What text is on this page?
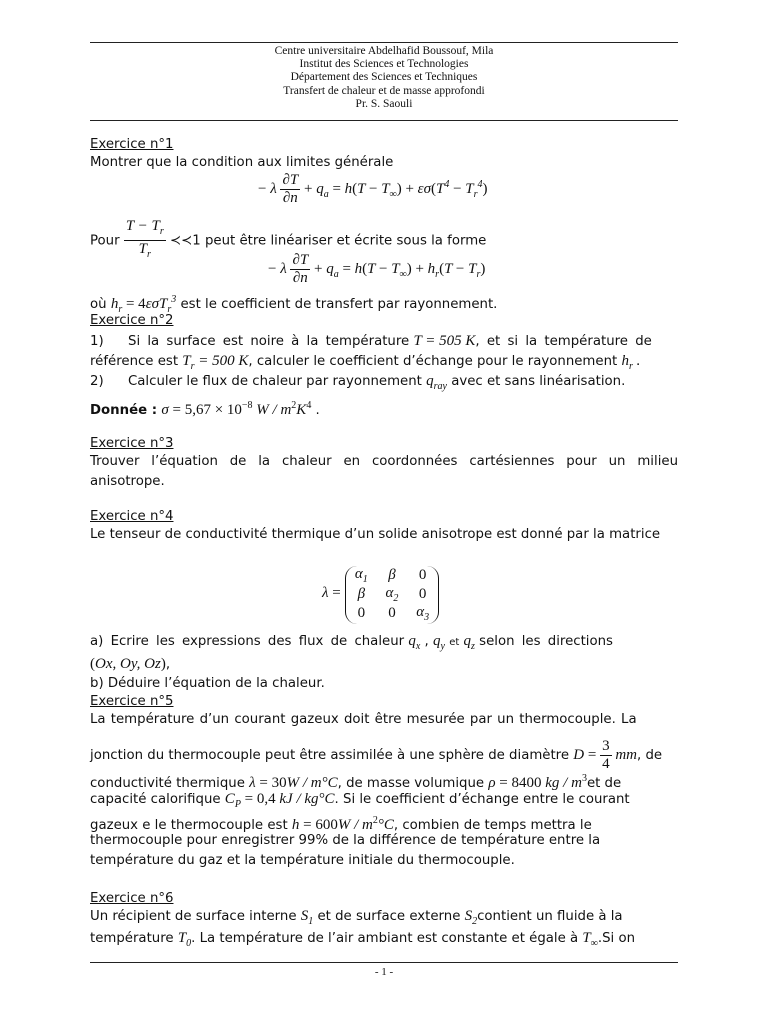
Centre universitaire Abdelhafid Boussouf, Mila
Institut des Sciences et Technologies
Département des Sciences et Techniques
Transfert de chaleur et de masse approfondi
Pr. S. Saouli

Exercice n°1

Montrer que la condition aux limites générale

− λ $\frac{\partial T}{\partial n} + q_a = h(T - T_\infty) + \varepsilon\sigma(T^4 - T_r^4)$

Pour $\frac{T - T_r}{T_r}$ ≺≺1 peut être linéariser et écrite sous la forme

− λ $\frac{\partial T}{\partial n} + q_a = h(T - T_\infty) + h_r(T - T_r)$

où $h_r = 4\varepsilon\sigma T_r^3$ est le coefficient de transfert par rayonnement.

Exercice n°2

1) Si la surface est noire à la température T = 505 K, et si la température de

référence est $T_r = 500$ K, calculer le coefficient d’échange pour le rayonnement $h_r$ .

2) Calculer le flux de chaleur par rayonnement $q_{ray}$ avec et sans linéarisation.

Donnée : $\sigma = 5,67 \times 10^{-8}$ W / $m^2K^4$ .

Exercice n°3

Trouver l’équation de la chaleur en coordonnées cartésiennes pour un milieu anisotrope.

Exercice n°4

Le tenseur de conductivité thermique d’un solide anisotrope est donné par la matrice

λ =
$\alpha_1$	β	0
β	$\alpha_2$	0
0	0	$\alpha_3$

a) Ecrire les expressions des flux de chaleur $q_x$ , $q_y$ et $q_z$ selon les directions

(Ox, Oy, Oz),

b) Déduire l’équation de la chaleur.

Exercice n°5

La température d’un courant gazeux doit être mesurée par un thermocouple. La

jonction du thermocouple peut être assimilée à une sphère de diamètre $D = \frac{3}{4}$ mm, de

conductivité thermique λ = 30W / m°C, de masse volumique ρ = 8400 kg / $m^3et$ de

capacité calorifique $C_P = 0,4$ kJ / kg°C. Si le coefficient d’échange entre le courant

gazeux e le thermocouple est $h = 600W / m^2^\circ C$, combien de temps mettra le

thermocouple pour enregistrer 99% de la différence de température entre la

température du gaz et la température initiale du thermocouple.

Exercice n°6

Un récipient de surface interne $S_1$ et de surface externe $S_2contient$ un fluide à la

température $T_0$. La température de l’air ambiant est constante et égale à $T_\infty.Si$ on

- 1 -
